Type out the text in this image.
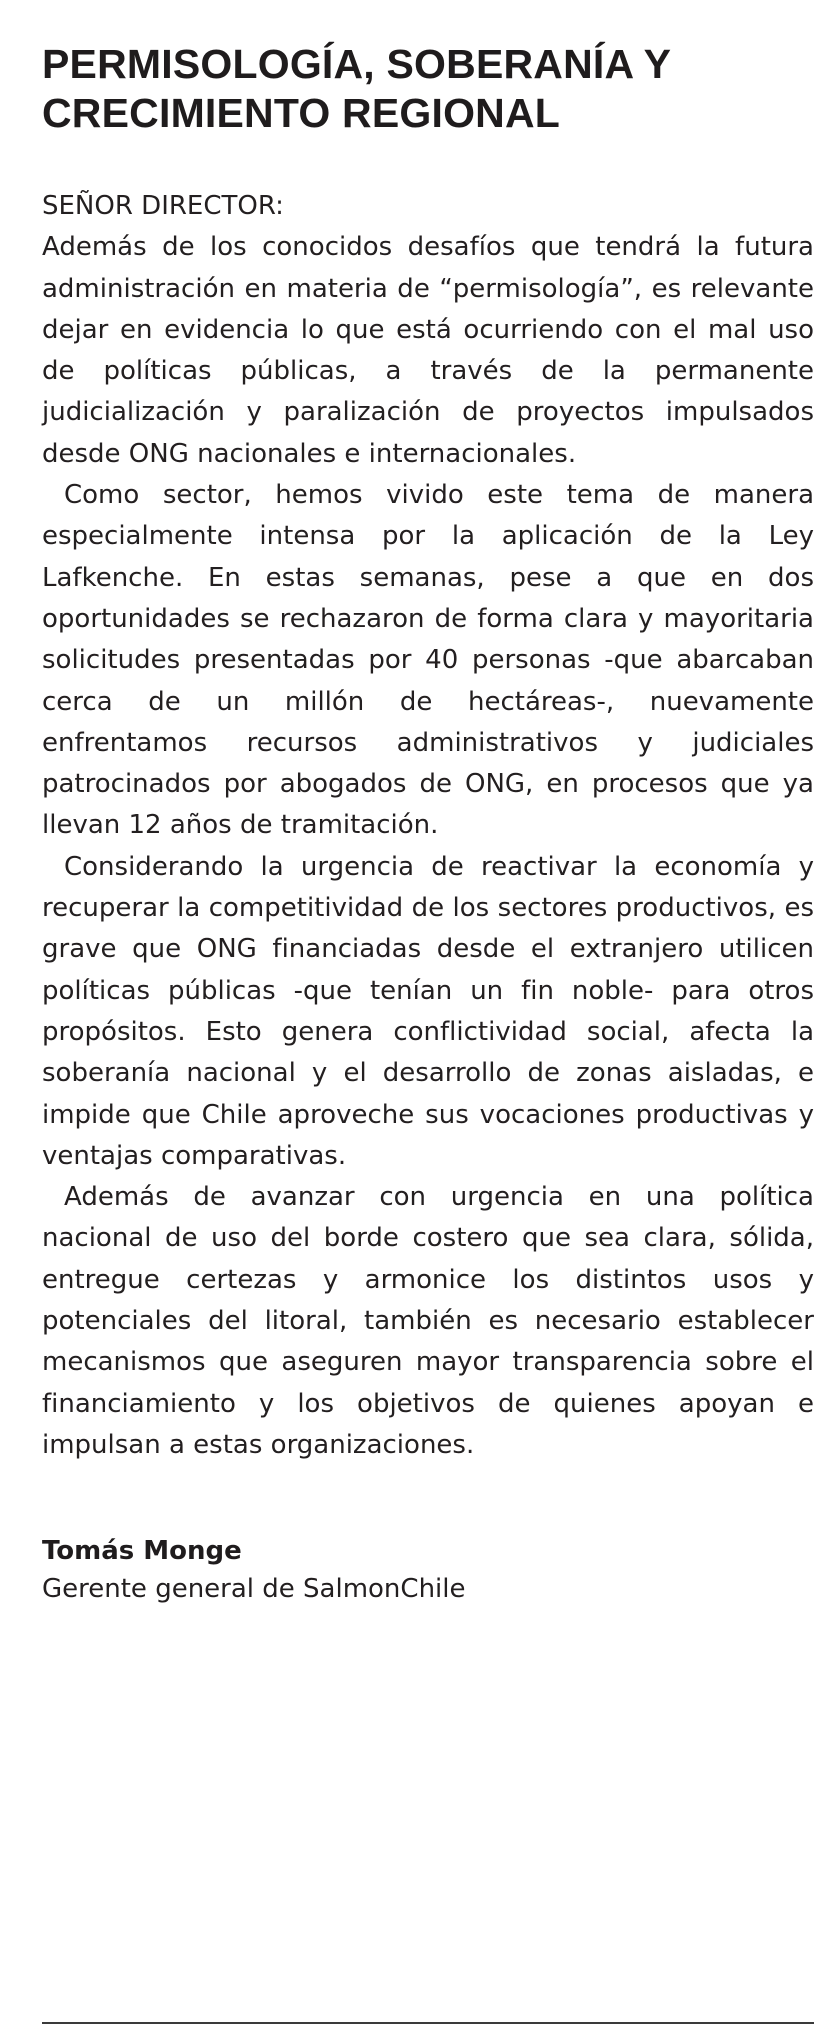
PERMISOLOGÍA, SOBERANÍA Y CRECIMIENTO REGIONAL
SEÑOR DIRECTOR:

Además de los conocidos desafíos que tendrá la futura administración en materia de “permisología”, es relevante dejar en evidencia lo que está ocurriendo con el mal uso de políticas públicas, a través de la permanente judicialización y paralización de proyectos impulsados desde ONG nacionales e internacionales.

Como sector, hemos vivido este tema de manera especialmente intensa por la aplicación de la Ley Lafkenche. En estas semanas, pese a que en dos oportunidades se rechazaron de forma clara y mayoritaria solicitudes presentadas por 40 personas -que abarcaban cerca de un millón de hectáreas-, nuevamente enfrentamos recursos administrativos y judiciales patrocinados por abogados de ONG, en procesos que ya llevan 12 años de tramitación.

Considerando la urgencia de reactivar la economía y recuperar la competitividad de los sectores productivos, es grave que ONG financiadas desde el extranjero utilicen políticas públicas -que tenían un fin noble- para otros propósitos. Esto genera conflictividad social, afecta la soberanía nacional y el desarrollo de zonas aisladas, e impide que Chile aproveche sus vocaciones productivas y ventajas comparativas.

Además de avanzar con urgencia en una política nacional de uso del borde costero que sea clara, sólida, entregue certezas y armonice los distintos usos y potenciales del litoral, también es necesario establecer mecanismos que aseguren mayor transparencia sobre el financiamiento y los objetivos de quienes apoyan e impulsan a estas organizaciones.

Tomás Monge
Gerente general de SalmonChile
